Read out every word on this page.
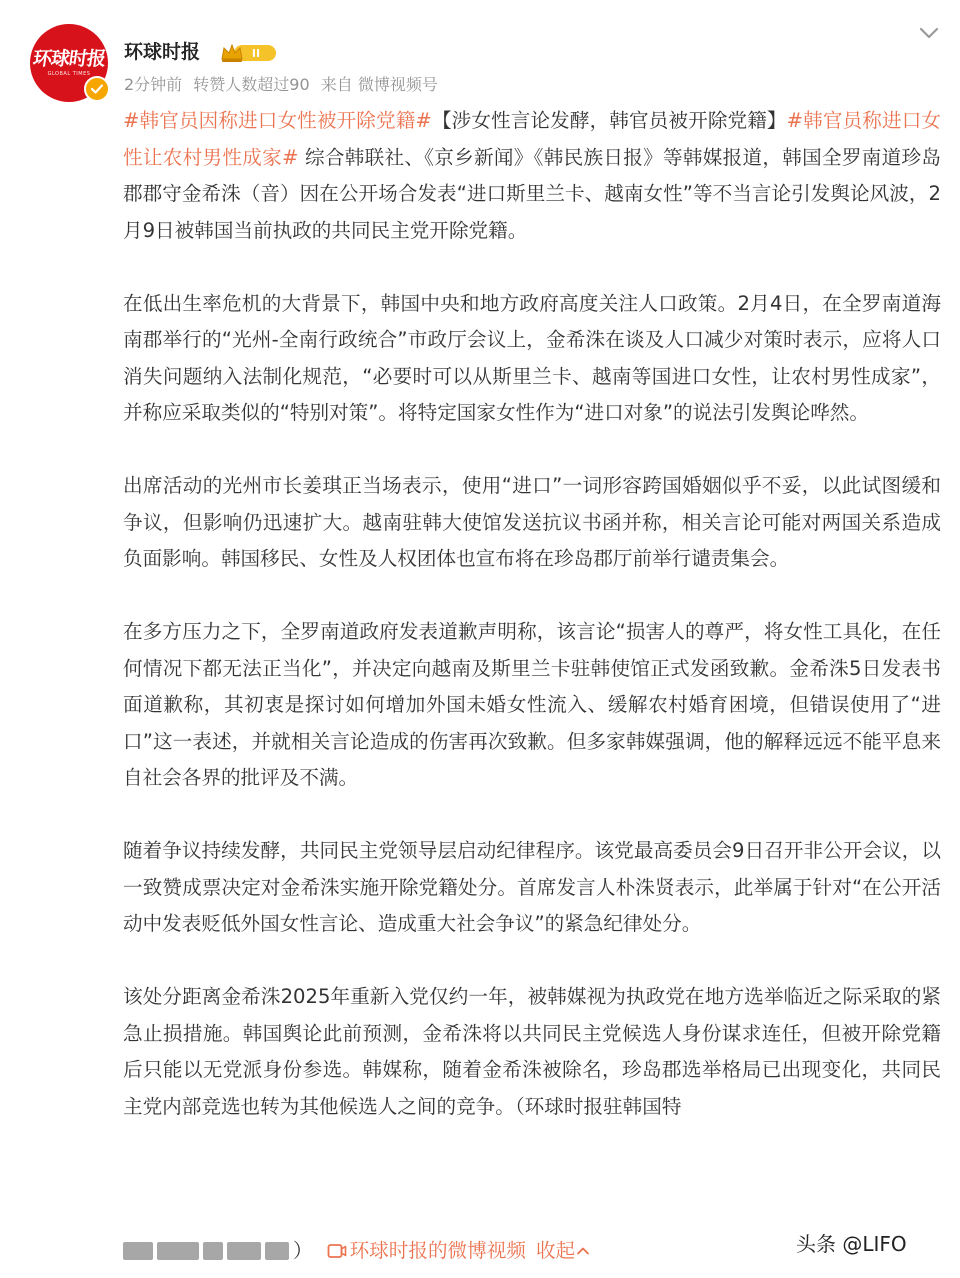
环球时报
GLOBAL TIMES
环球时报	II
2分钟前 转赞人数超过90 来自 微博视频号

#韩官员因称进口女性被开除党籍#【涉女性言论发酵，韩官员被开除党籍】#韩官员称进口女性让农村男性成家# 综合韩联社、《京乡新闻》《韩民族日报》等韩媒报道，韩国全罗南道珍岛郡郡守金希洙（音）因在公开场合发表“进口斯里兰卡、越南女性”等不当言论引发舆论风波，2月9日被韩国当前执政的共同民主党开除党籍。

在低出生率危机的大背景下，韩国中央和地方政府高度关注人口政策。2月4日，在全罗南道海南郡举行的“光州-全南行政统合”市政厅会议上，金希洙在谈及人口减少对策时表示，应将人口消失问题纳入法制化规范，“必要时可以从斯里兰卡、越南等国进口女性，让农村男性成家”，并称应采取类似的“特别对策”。将特定国家女性作为“进口对象”的说法引发舆论哗然。

出席活动的光州市长姜琪正当场表示，使用“进口”一词形容跨国婚姻似乎不妥，以此试图缓和争议，但影响仍迅速扩大。越南驻韩大使馆发送抗议书函并称，相关言论可能对两国关系造成负面影响。韩国移民、女性及人权团体也宣布将在珍岛郡厅前举行谴责集会。

在多方压力之下，全罗南道政府发表道歉声明称，该言论“损害人的尊严，将女性工具化，在任何情况下都无法正当化”，并决定向越南及斯里兰卡驻韩使馆正式发函致歉。金希洙5日发表书面道歉称，其初衷是探讨如何增加外国未婚女性流入、缓解农村婚育困境，但错误使用了“进口”这一表述，并就相关言论造成的伤害再次致歉。但多家韩媒强调，他的解释远远不能平息来自社会各界的批评及不满。

随着争议持续发酵，共同民主党领导层启动纪律程序。该党最高委员会9日召开非公开会议，以一致赞成票决定对金希洙实施开除党籍处分。首席发言人朴洙贤表示，此举属于针对“在公开活动中发表贬低外国女性言论、造成重大社会争议”的紧急纪律处分。

该处分距离金希洙2025年重新入党仅约一年，被韩媒视为执政党在地方选举临近之际采取的紧急止损措施。韩国舆论此前预测，金希洙将以共同民主党候选人身份谋求连任，但被开除党籍后只能以无党派身份参选。韩媒称，随着金希洙被除名，珍岛郡选举格局已出现变化，共同民主党内部竞选也转为其他候选人之间的竞争。（环球时报驻韩国特

） 环球时报的微博视频 收起	头条 @LIFO
